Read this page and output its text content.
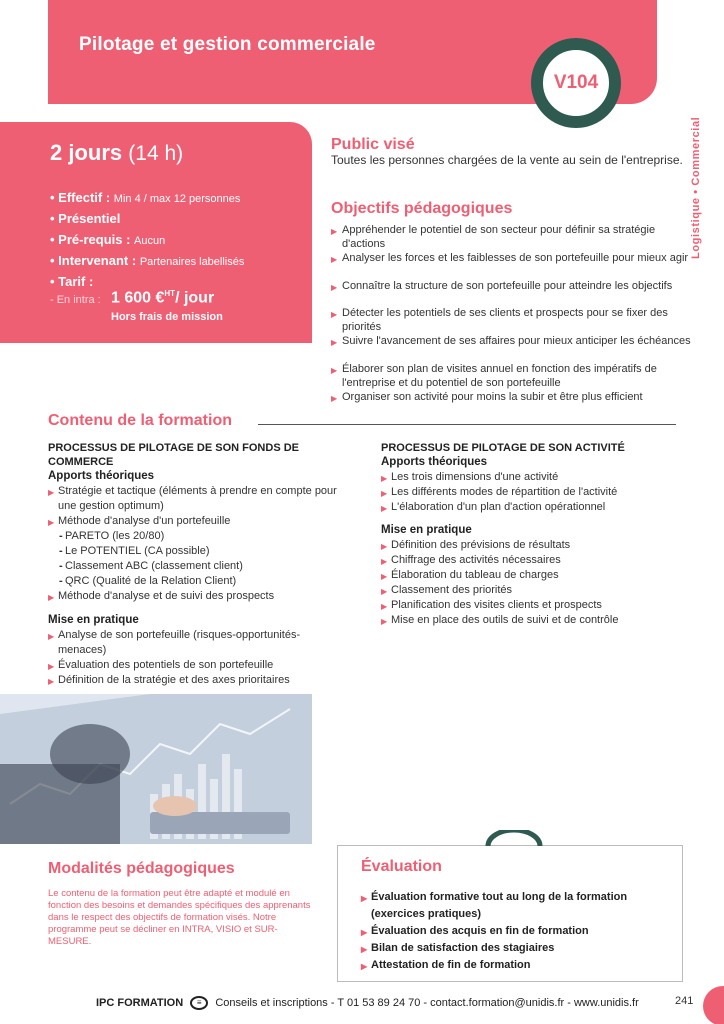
Pilotage et gestion commerciale
V104
Logistique • Commercial
2 jours (14 h)
• Effectif : Min 4 / max 12 personnes
• Présentiel
• Pré-requis : Aucun
• Intervenant : Partenaires labellisés
• Tarif :
- En intra : 1 600 €$^{HT}$/ jour
Hors frais de mission
Public visé
Toutes les personnes chargées de la vente au sein de l'entreprise.
Objectifs pédagogiques
▶ Appréhender le potentiel de son secteur pour définir sa stratégie d'actions
▶ Analyser les forces et les faiblesses de son portefeuille pour mieux agir
▶ Connaître la structure de son portefeuille pour atteindre les objectifs
▶ Détecter les potentiels de ses clients et prospects pour se fixer des priorités
▶ Suivre l'avancement de ses affaires pour mieux anticiper les échéances
▶ Élaborer son plan de visites annuel en fonction des impératifs de l'entreprise et du potentiel de son portefeuille
▶ Organiser son activité pour moins la subir et être plus efficient
Contenu de la formation
PROCESSUS DE PILOTAGE DE SON FONDS DE COMMERCE
Apports théoriques
▶ Stratégie et tactique (éléments à prendre en compte pour une gestion optimum)
▶ Méthode d'analyse d'un portefeuille
- PARETO (les 20/80)
- Le POTENTIEL (CA possible)
- Classement ABC (classement client)
- QRC (Qualité de la Relation Client)
▶ Méthode d'analyse et de suivi des prospects
Mise en pratique
▶ Analyse de son portefeuille (risques-opportunités-menaces)
▶ Évaluation des potentiels de son portefeuille
▶ Définition de la stratégie et des axes prioritaires
PROCESSUS DE PILOTAGE DE SON ACTIVITÉ
Apports théoriques
▶ Les trois dimensions d'une activité
▶ Les différents modes de répartition de l'activité
▶ L'élaboration d'un plan d'action opérationnel
Mise en pratique
▶ Définition des prévisions de résultats
▶ Chiffrage des activités nécessaires
▶ Élaboration du tableau de charges
▶ Classement des priorités
▶ Planification des visites clients et prospects
▶ Mise en place des outils de suivi et de contrôle
Modalités pédagogiques
Le contenu de la formation peut être adapté et modulé en fonction des besoins et demandes spécifiques des apprenants dans le respect des objectifs de formation visés. Notre programme peut se décliner en INTRA, VISIO et SUR-MESURE.
Évaluation
▶ Évaluation formative tout au long de la formation (exercices pratiques)
▶ Évaluation des acquis en fin de formation
▶ Bilan de satisfaction des stagiaires
▶ Attestation de fin de formation
IPC FORMATION ≡ Conseils et inscriptions - T 01 53 89 24 70 - contact.formation@unidis.fr - www.unidis.fr	241
